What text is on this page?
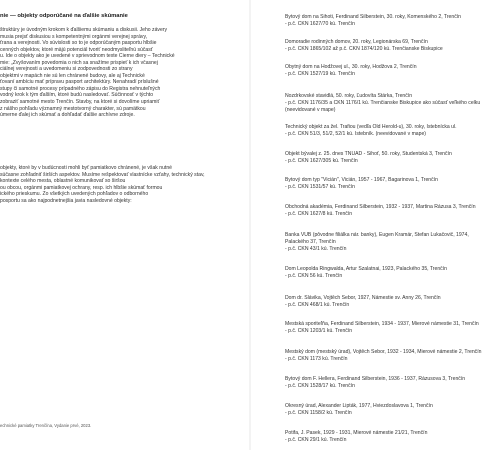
nie — objekty odporúčané na ďalšie skúmanie

štruktúry je úvodným krokom k ďalšiemu skúmaniu a diskusii. Jeho závery
musia prejsť diskusiou s kompetentnými orgánmi verejnej správy,
ťrana a verejnosti. Vo súvislosti so to je odporúčaným pasportu hlbšie
cenných objektov, ktoré mäjú potenciál tvoriť neodmysliteľnú súčasť
u. Ide o objekty ako je uvedené v sprievodnom texte Čierne diery – Technické
mie: „Zvyšovaním povedomia o nich sa snažíme prispieť k ich včasnej
ciálnej verejnosti a uvedomeniu si zodpovednosti zo strany
objektmi v mapách nie sú len chránené budovy, ale aj Technické
ťovaní ambíciu mať prípravu pasport architektúry. Nenahradí príslušné
stupy či samotné procesy prípadného zápisu do Registra nehnuteľných
vodný krok k tým ďalším, ktoré budú nasledovať. Súčinnosť v týchto
zobraziť samotné mesto Trenčín. Stavby, na ktoré si dovolíme upriamiť
z nášho pohľadu významný mestotvorný charakter, sú pamätkou
úmerne ďalej ich skúmať a dohľadať ďalšie archívne zdroje.

objekty, ktoré by v budúcnosti mohli byť pamiatkovo chránené, je však nutné
súčasne zohľadniť širších aspektov. Musíme rešpektovať vlastnícke vzťahy, technický stav,
kontexte celého mesta, oblastné komunikovať so širšou
ou obcou, orgánmi pamiatkovej ochrany, resp. ich hlbšie skúmať formou
ického prieskumu. Zo všetkých uvedených pohľadov o odborného
posportu sa ako najpodnetnejšia javia nasledovné objekty:

echnické pamiatky Trenčína, Vydanie prvé, 2023.
Bytový dom na Sihoti, Ferdinand Silberstein, 30. roky, Komenského 2, Trenčín
- p.č. CKN 1627/70 kú. Trenčín
Domoradie rodinných domov, 20. roky, Legionárska 69, Trenčín
- p.č. CKN 1865/102 až p.č. CKN 1874/120 kú. Trenčianske Biskupice
Obytný dom na Hodžovej ul., 30. roky, Hodžova 2, Trenčín
- p.č. CKN 1527/19 kú. Trenčín
Nozdrkovské stavidlá, 50. roky, Ľudovíta Štárka, Trenčín
- p.č. CKN 1176/35 a CKN 1176/1 kú. Trenčianske Biskupice ako súčasť veľkého celku
(neevidované v mape)
Technický objekt za žel. Trafiou (vedľa Old Herold-u), 30. roky, Istebnícka ul.
- p.č. CKN 51/3, 51/2, 52/1 kú. Istebník. (neevidované v mape)
Objekt bývalej z. 25. dnes TNUAD - Sihoť, 50. roky, Študentská 3, Trenčín
- p.č. CKN 1627/305 kú. Trenčín
Bytový dom typ "Vicián", Vicián, 1957 - 1967, Bagarinova 1, Trenčín
- p.č. CKN 1531/57 kú. Trenčín
Obchodná akadémia, Ferdinand Silberstein, 1932 - 1937, Martina Rázusa 3, Trenčín
- p.č. CKN 1627/8 kú. Trenčín
Banka VÚB (pôvodne filiálka nár. banky), Eugen Kramár, Štefan Lukačovič, 1974,
Palackého 37, Trenčín
- p.č. CKN 43/1 kú. Trenčín
Dom Leopolda Ringwalda, Artur Szalatnai, 1923, Palackého 35, Trenčín
- p.č. CKN 56 kú. Trenčín
Dom dr. Slávika, Vojtěch Šebor, 1927, Námestie sv. Anny 26, Trenčín
- p.č. CKN 468/1 kú. Trenčín
Mestská sporiteľňa, Ferdinand Silberstein, 1934 - 1937, Mierové námestie 31, Trenčín
- p.č. CKN 1203/1 kú. Trenčín
Mestský dom (mestský úrad), Vojtěch Šebor, 1932 - 1934, Mierové námestie 2, Trenčín
- p.č. CKN 1173 kú. Trenčín
Bytový dom F. Hellera, Ferdinand Silberstein, 1936 - 1937, Rázusova 3, Trenčín
- p.č. CKN 1528/17 kú. Trenčín
Okresný úrad, Alexander Lipták, 1977, Hviezdoslavova 1, Trenčín
- p.č. CKN 1158/2 kú. Trenčín
Potifa, J. Pasek, 1929 - 1931, Mierové námestie 21/21, Trenčín
- p.č. CKN 29/1 kú. Trenčín
